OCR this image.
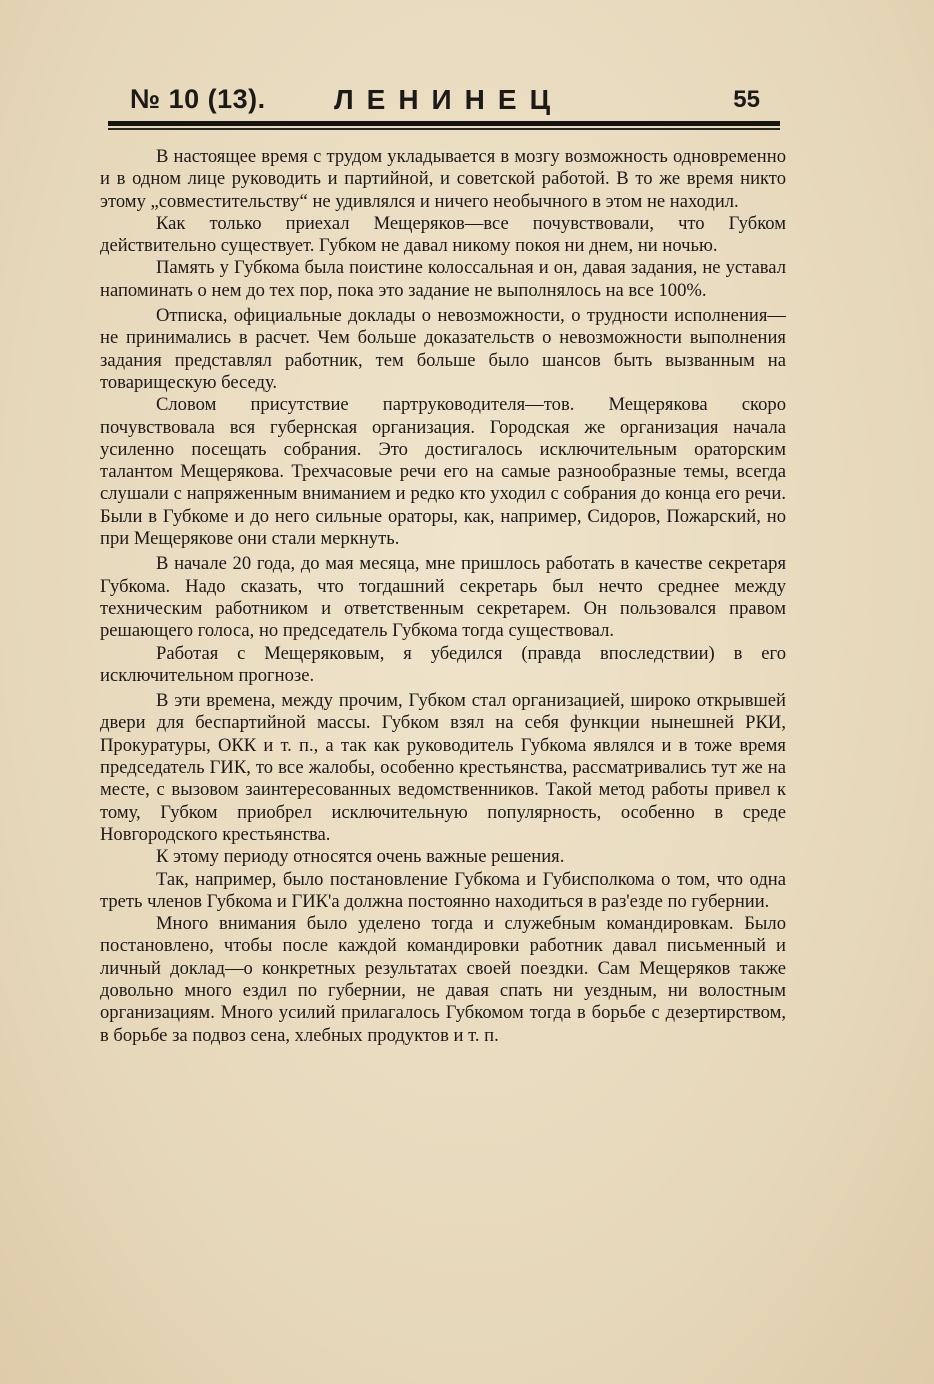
№ 10 (13). ЛЕНИНЕЦ	55

В настоящее время с трудом укладывается в мозгу возможность одновременно и в одном лице руководить и партийной, и советской работой. В то же время никто этому „совместительству“ не удивлялся и ничего необычного в этом не находил.

Как только приехал Мещеряков—все почувствовали, что Губком действительно существует. Губком не давал никому покоя ни днем, ни ночью.

Память у Губкома была поистине колоссальная и он, давая задания, не уставал напоминать о нем до тех пор, пока это задание не выполнялось на все 100%.

Отписка, официальные доклады о невозможности, о трудности исполнения—не принимались в расчет. Чем больше доказательств о невозможности выполнения задания представлял работник, тем больше было шансов быть вызванным на товарищескую беседу.

Словом присутствие партруководителя—тов. Мещерякова скоро почувствовала вся губернская организация. Городская же организация начала усиленно посещать собрания. Это достигалось исключительным ораторским талантом Мещерякова. Трехчасовые речи его на самые разнообразные темы, всегда слушали с напряженным вниманием и редко кто уходил с собрания до конца его речи. Были в Губкоме и до него сильные ораторы, как, например, Сидоров, Пожарский, но при Мещерякове они стали меркнуть.

В начале 20 года, до мая месяца, мне пришлось работать в качестве секретаря Губкома. Надо сказать, что тогдашний секретарь был нечто среднее между техническим работником и ответственным секретарем. Он пользовался правом решающего голоса, но председатель Губкома тогда существовал.

Работая с Мещеряковым, я убедился (правда впоследствии) в его исключительном прогнозе.

В эти времена, между прочим, Губком стал организацией, широко открывшей двери для беспартийной массы. Губком взял на себя функции нынешней РКИ, Прокуратуры, ОКК и т. п., а так как руководитель Губкома являлся и в тоже время председатель ГИК, то все жалобы, особенно крестьянства, рассматривались тут же на месте, с вызовом заинтересованных ведомственников. Такой метод работы привел к тому, Губком приобрел исключительную популярность, особенно в среде Новгородского крестьянства.

К этому периоду относятся очень важные решения.

Так, например, было постановление Губкома и Губисполкома о том, что одна треть членов Губкома и ГИК'а должна постоянно находиться в раз'езде по губернии.

Много внимания было уделено тогда и служебным командировкам. Было постановлено, чтобы после каждой командировки работник давал письменный и личный доклад—о конкретных результатах своей поездки. Сам Мещеряков также довольно много ездил по губернии, не давая спать ни уездным, ни волостным организациям. Много усилий прилагалось Губкомом тогда в борьбе с дезертирством, в борьбе за подвоз сена, хлебных продуктов и т. п.
